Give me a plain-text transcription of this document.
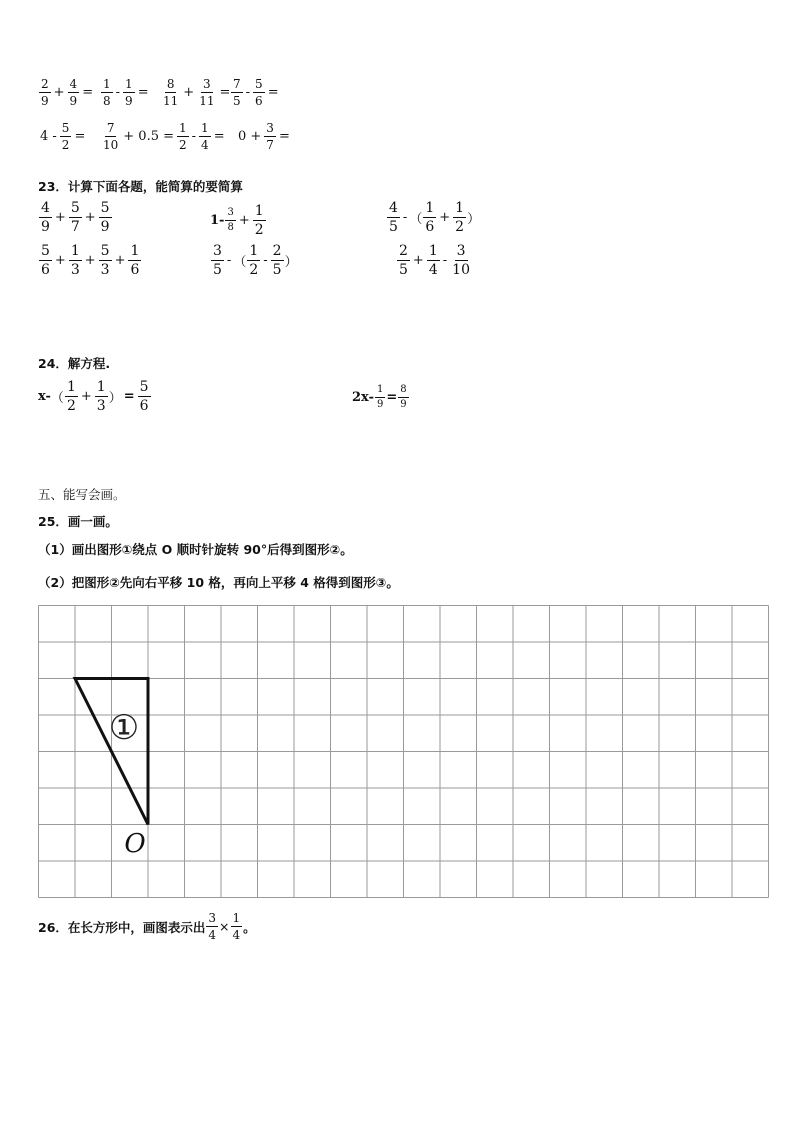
$\frac{2}{9} + \frac{4}{9} = \frac{1}{8} - \frac{1}{9} = \frac{8}{11} + \frac{3}{11} = \frac{7}{5} - \frac{5}{6}$ =
$4 - \frac{5}{2} = \frac{7}{10} + 0.5 = \frac{1}{2} - \frac{1}{4} = 0 + \frac{3}{7}$ =
23．计算下面各题，能简算的要简算
$\frac{4}{9} + \frac{5}{7} + \frac{5}{9}$	$1- \frac{3}{8} + \frac{1}{2}$	$\frac{4}{5}$ - （ $\frac{1}{6} + \frac{1}{2}$ ）
$\frac{5}{6} + \frac{1}{3} + \frac{5}{3} + \frac{1}{6}$	$\frac{3}{5}$ - （ $\frac{1}{2} - \frac{2}{5}$ ）	$\frac{2}{5} + \frac{1}{4} - \frac{3}{10}$
24．解方程.
x- （ $\frac{1}{2} + \frac{1}{3}$ ） = $\frac{5}{6}$	$2x- \frac{1}{9} = \frac{8}{9}$
五、能写会画。
25．画一画。
（1）画出图形①绕点 O 顺时针旋转 90°后得到图形②。
（2）把图形②先向右平移 10 格，再向上平移 4 格得到图形③。
①
O
26．在长方形中，画图表示出 $\frac{3}{4} \times \frac{1}{4}$ 。
